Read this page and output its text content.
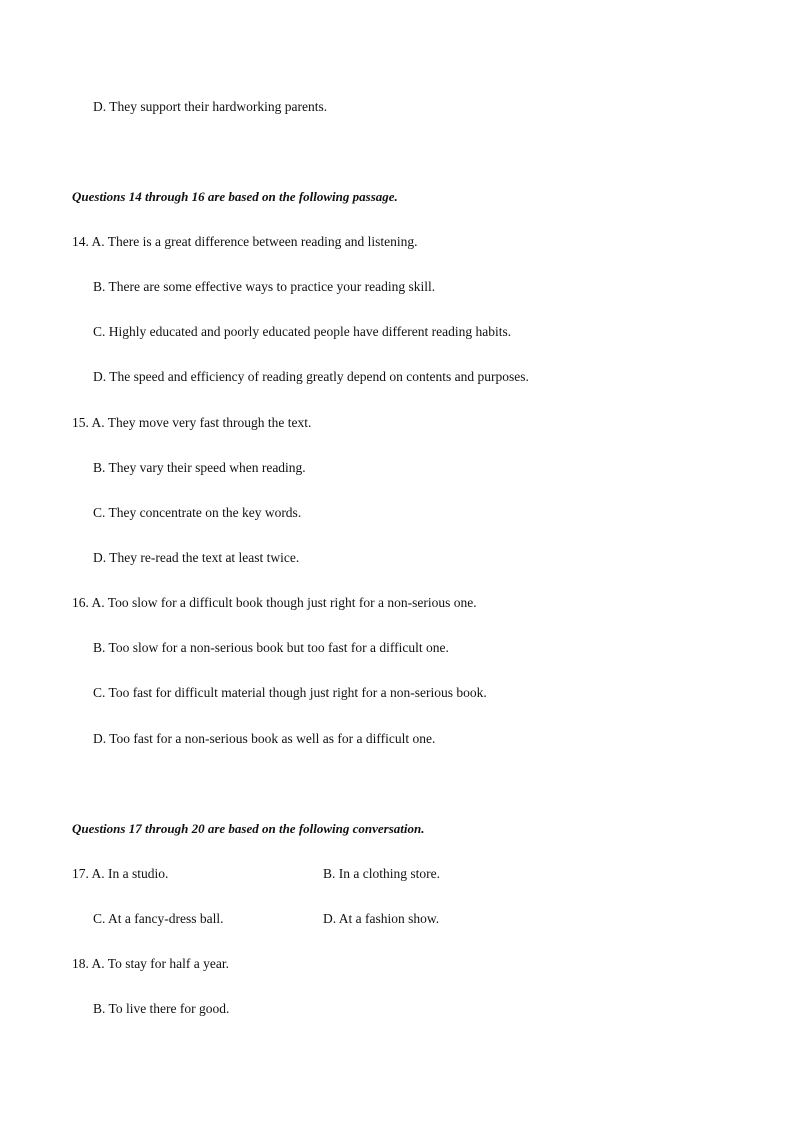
D. They support their hardworking parents.
Questions 14 through 16 are based on the following passage.
14. A. There is a great difference between reading and listening.
B. There are some effective ways to practice your reading skill.
C. Highly educated and poorly educated people have different reading habits.
D. The speed and efficiency of reading greatly depend on contents and purposes.
15. A. They move very fast through the text.
B. They vary their speed when reading.
C. They concentrate on the key words.
D. They re-read the text at least twice.
16. A. Too slow for a difficult book though just right for a non-serious one.
B. Too slow for a non-serious book but too fast for a difficult one.
C. Too fast for difficult material though just right for a non-serious book.
D. Too fast for a non-serious book as well as for a difficult one.
Questions 17 through 20 are based on the following conversation.
17. A. In a studio.	B. In a clothing store.
C. At a fancy-dress ball.	D. At a fashion show.
18. A. To stay for half a year.
B. To live there for good.
